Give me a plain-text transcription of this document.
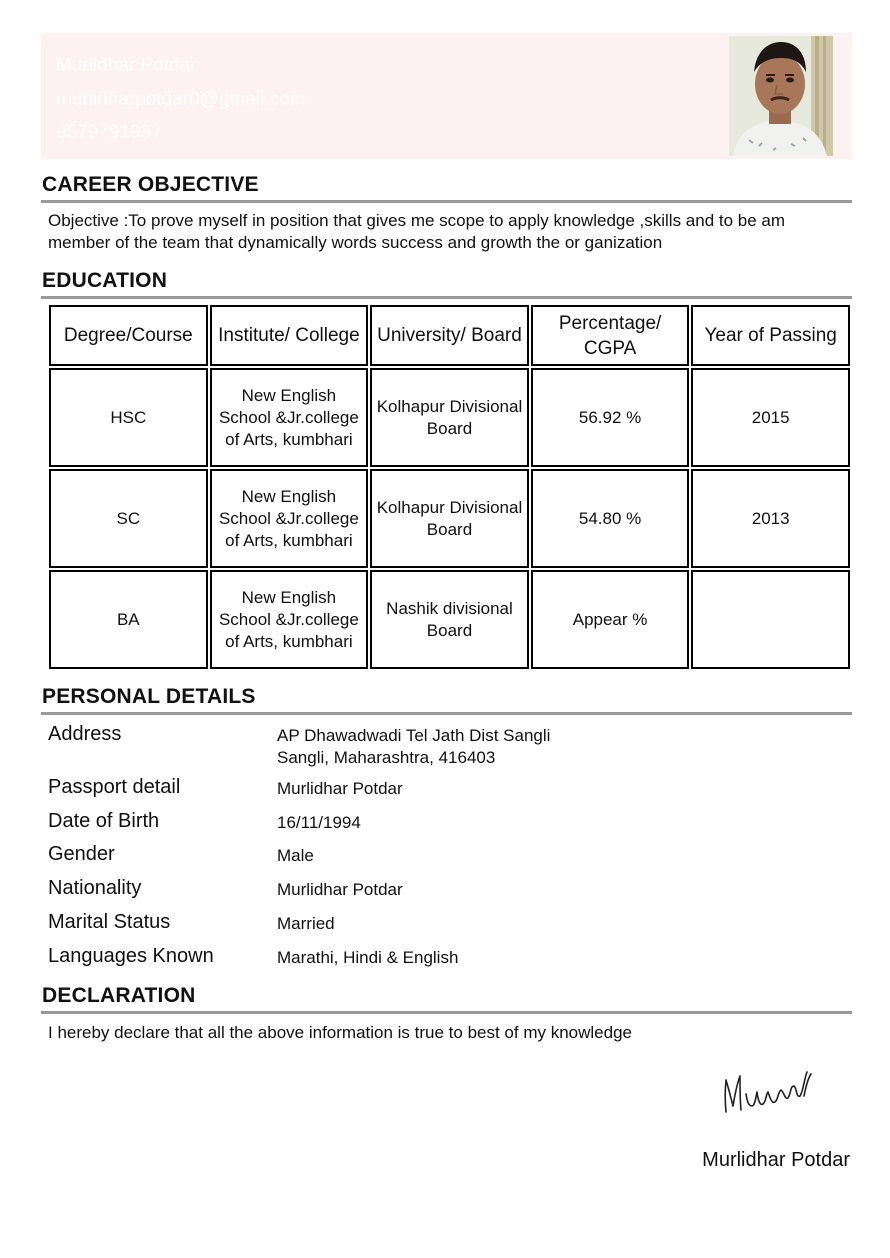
Murlidhar Potdar
murlidharpotdar0@gmail.com
9579791937
CAREER OBJECTIVE
Objective :To prove myself in position that gives me scope to apply knowledge ,skills and to be am member of the team that dynamically words success and growth the or ganization
EDUCATION
Degree/Course	Institute/ College	University/ Board	Percentage/ CGPA	Year of Passing
HSC	New English School &Jr.college of Arts, kumbhari	Kolhapur Divisional Board	56.92 %	2015
SC	New English School &Jr.college of Arts, kumbhari	Kolhapur Divisional Board	54.80 %	2013
BA	New English School &Jr.college of Arts, kumbhari	Nashik divisional Board	Appear %	
PERSONAL DETAILS
Address	AP Dhawadwadi Tel Jath Dist Sangli
Sangli, Maharashtra, 416403
Passport detail	Murlidhar Potdar
Date of Birth	16/11/1994
Gender	Male
Nationality	Murlidhar Potdar
Marital Status	Married
Languages Known	Marathi, Hindi & English
DECLARATION
I hereby declare that all the above information is true to best of my knowledge
Murlidhar Potdar
